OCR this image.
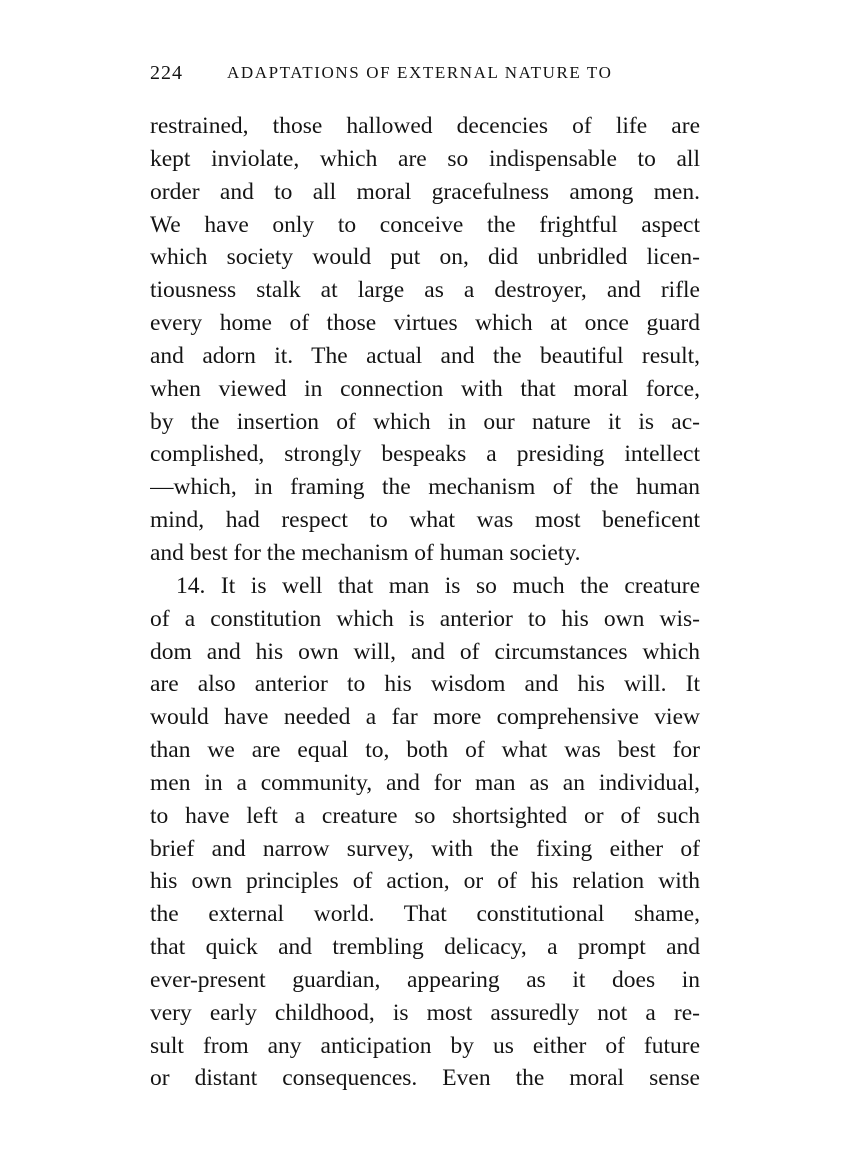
224	ADAPTATIONS OF EXTERNAL NATURE TO
restrained, those hallowed decencies of life are
kept inviolate, which are so indispensable to all
order and to all moral gracefulness among men.
We have only to conceive the frightful aspect
which society would put on, did unbridled licen-
tiousness stalk at large as a destroyer, and rifle
every home of those virtues which at once guard
and adorn it. The actual and the beautiful result,
when viewed in connection with that moral force,
by the insertion of which in our nature it is ac-
complished, strongly bespeaks a presiding intellect
—which, in framing the mechanism of the human
mind, had respect to what was most beneficent
and best for the mechanism of human society.
14. It is well that man is so much the creature
of a constitution which is anterior to his own wis-
dom and his own will, and of circumstances which
are also anterior to his wisdom and his will. It
would have needed a far more comprehensive view
than we are equal to, both of what was best for
men in a community, and for man as an individual,
to have left a creature so shortsighted or of such
brief and narrow survey, with the fixing either of
his own principles of action, or of his relation with
the external world. That constitutional shame,
that quick and trembling delicacy, a prompt and
ever-present guardian, appearing as it does in
very early childhood, is most assuredly not a re-
sult from any anticipation by us either of future
or distant consequences. Even the moral sense
